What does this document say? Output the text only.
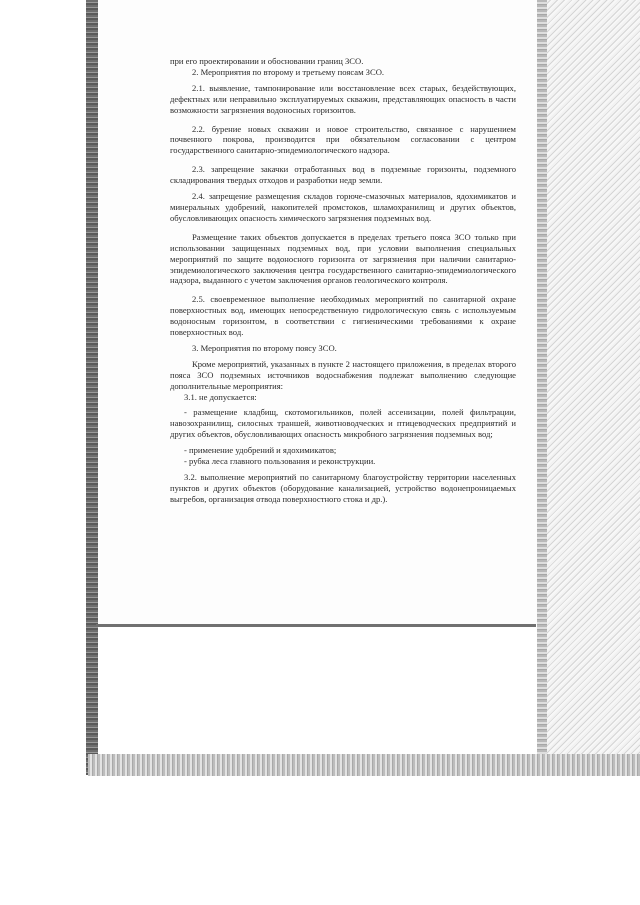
при его проектировании и обосновании границ ЗСО.

2. Мероприятия по второму и третьему поясам ЗСО.

2.1. выявление, тампонирование или восстановление всех старых, бездействующих, дефектных или неправильно эксплуатируемых скважин, представляющих опасность в части возможности загрязнения водоносных горизонтов.

2.2. бурение новых скважин и новое строительство, связанное с нарушением почвенного покрова, производится при обязательном согласовании с центром государственного санитарно-эпидемиологического надзора.

2.3. запрещение закачки отработанных вод в подземные горизонты, подземного складирования твердых отходов и разработки недр земли.

2.4. запрещение размещения складов горюче-смазочных материалов, ядохимикатов и минеральных удобрений, накопителей промстоков, шламохранилищ и других объектов, обусловливающих опасность химического загрязнения подземных вод.

Размещение таких объектов допускается в пределах третьего пояса ЗСО только при использовании защищенных подземных вод, при условии выполнения специальных мероприятий по защите водоносного горизонта от загрязнения при наличии санитарно-эпидемиологического заключения центра государственного санитарно-эпидемиологического надзора, выданного с учетом заключения органов геологического контроля.

2.5. своевременное выполнение необходимых мероприятий по санитарной охране поверхностных вод, имеющих непосредственную гидрологическую связь с используемым водоносным горизонтом, в соответствии с гигиеническими требованиями к охране поверхностных вод.

3. Мероприятия по второму поясу ЗСО.

Кроме мероприятий, указанных в пункте 2 настоящего приложения, в пределах второго пояса ЗСО подземных источников водоснабжения подлежат выполнению следующие дополнительные мероприятия:

3.1. не допускается:

- размещение кладбищ, скотомогильников, полей ассенизации, полей фильтрации, навозохранилищ, силосных траншей, животноводческих и птицеводческих предприятий и других объектов, обусловливающих опасность микробного загрязнения подземных вод;

- применение удобрений и ядохимикатов;

- рубка леса главного пользования и реконструкции.

3.2. выполнение мероприятий по санитарному благоустройству территории населенных пунктов и других объектов (оборудование канализацией, устройство водонепроницаемых выгребов, организация отвода поверхностного стока и др.).
